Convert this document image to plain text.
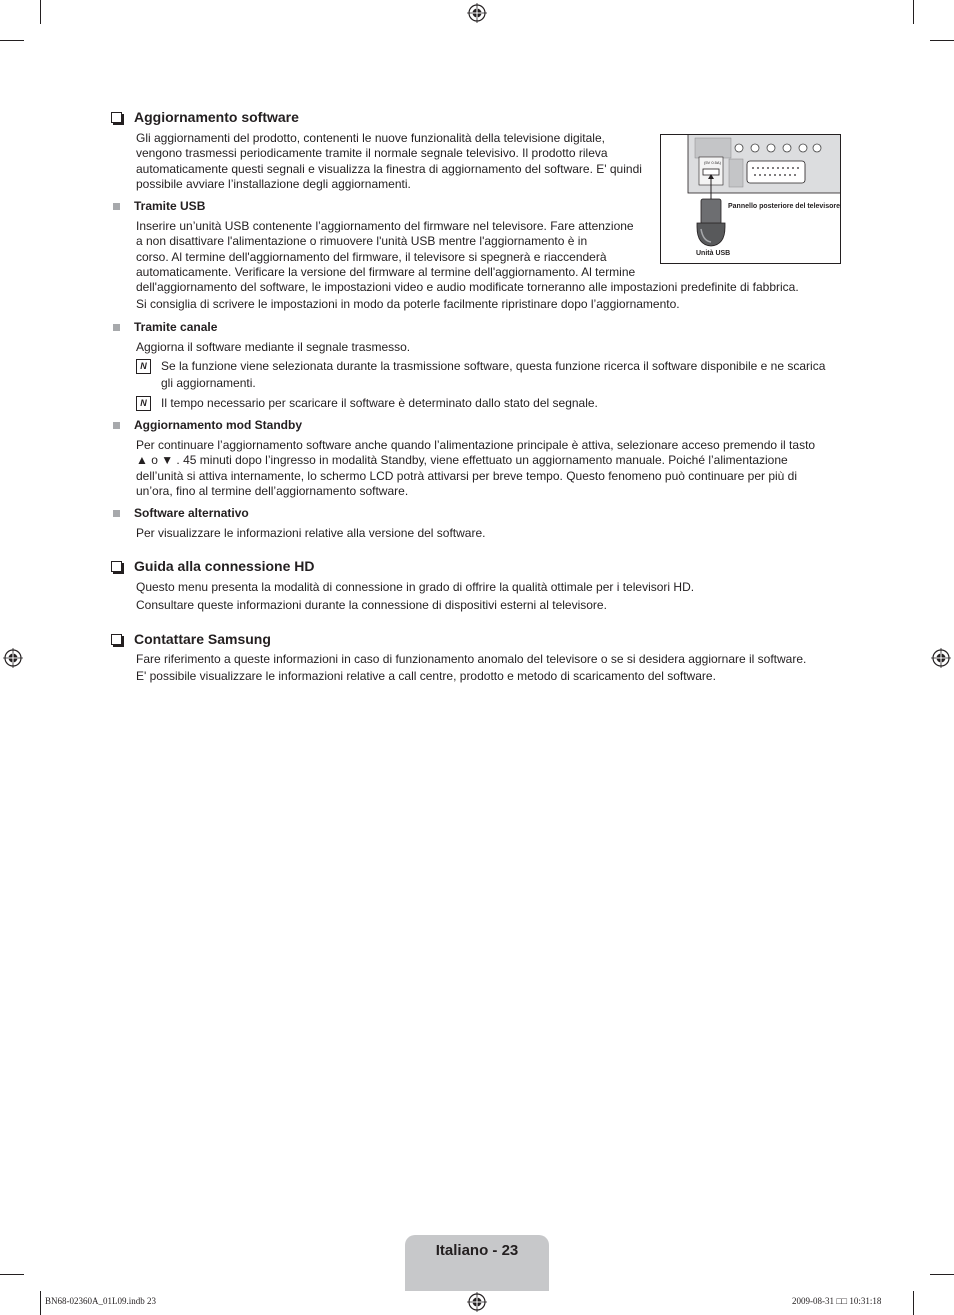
Aggiornamento software
Gli aggiornamenti del prodotto, contenenti le nuove funzionalità della televisione digitale,
vengono trasmessi periodicamente tramite il normale segnale televisivo. Il prodotto rileva
automaticamente questi segnali e visualizza la finestra di aggiornamento del software. E' quindi
possibile avviare l’installazione degli aggiornamenti.
(5V 0.5A)
Pannello posteriore del televisore
Unità USB
Tramite USB
Inserire un’unità USB contenente l’aggiornamento del firmware nel televisore. Fare attenzione
a non disattivare l'alimentazione o rimuovere l'unità USB mentre l'aggiornamento è in
corso. Al termine dell'aggiornamento del firmware, il televisore si spegnerà e riaccenderà
automaticamente. Verificare la versione del firmware al termine dell'aggiornamento. Al termine
dell'aggiornamento del software, le impostazioni video e audio modificate torneranno alle impostazioni predefinite di fabbrica.
Si consiglia di scrivere le impostazioni in modo da poterle facilmente ripristinare dopo l’aggiornamento.
Tramite canale
Aggiorna il software mediante il segnale trasmesso.
N	Se la funzione viene selezionata durante la trasmissione software, questa funzione ricerca il software disponibile e ne scarica
gli aggiornamenti.
N	Il tempo necessario per scaricare il software è determinato dallo stato del segnale.
Aggiornamento mod Standby
Per continuare l’aggiornamento software anche quando l’alimentazione principale è attiva, selezionare acceso premendo il tasto
▲ o ▼ . 45 minuti dopo l’ingresso in modalità Standby, viene effettuato un aggiornamento manuale. Poiché l’alimentazione
dell’unità si attiva internamente, lo schermo LCD potrà attivarsi per breve tempo. Questo fenomeno può continuare per più di
un’ora, fino al termine dell’aggiornamento software.
Software alternativo
Per visualizzare le informazioni relative alla versione del software.
Guida alla connessione HD
Questo menu presenta la modalità di connessione in grado di offrire la qualità ottimale per i televisori HD.
Consultare queste informazioni durante la connessione di dispositivi esterni al televisore.
Contattare Samsung
Fare riferimento a queste informazioni in caso di funzionamento anomalo del televisore o se si desidera aggiornare il software.
E' possibile visualizzare le informazioni relative a call centre, prodotto e metodo di scaricamento del software.
Italiano - 23
BN68-02360A_01L09.indb 23	2009-08-31 □□ 10:31:18
